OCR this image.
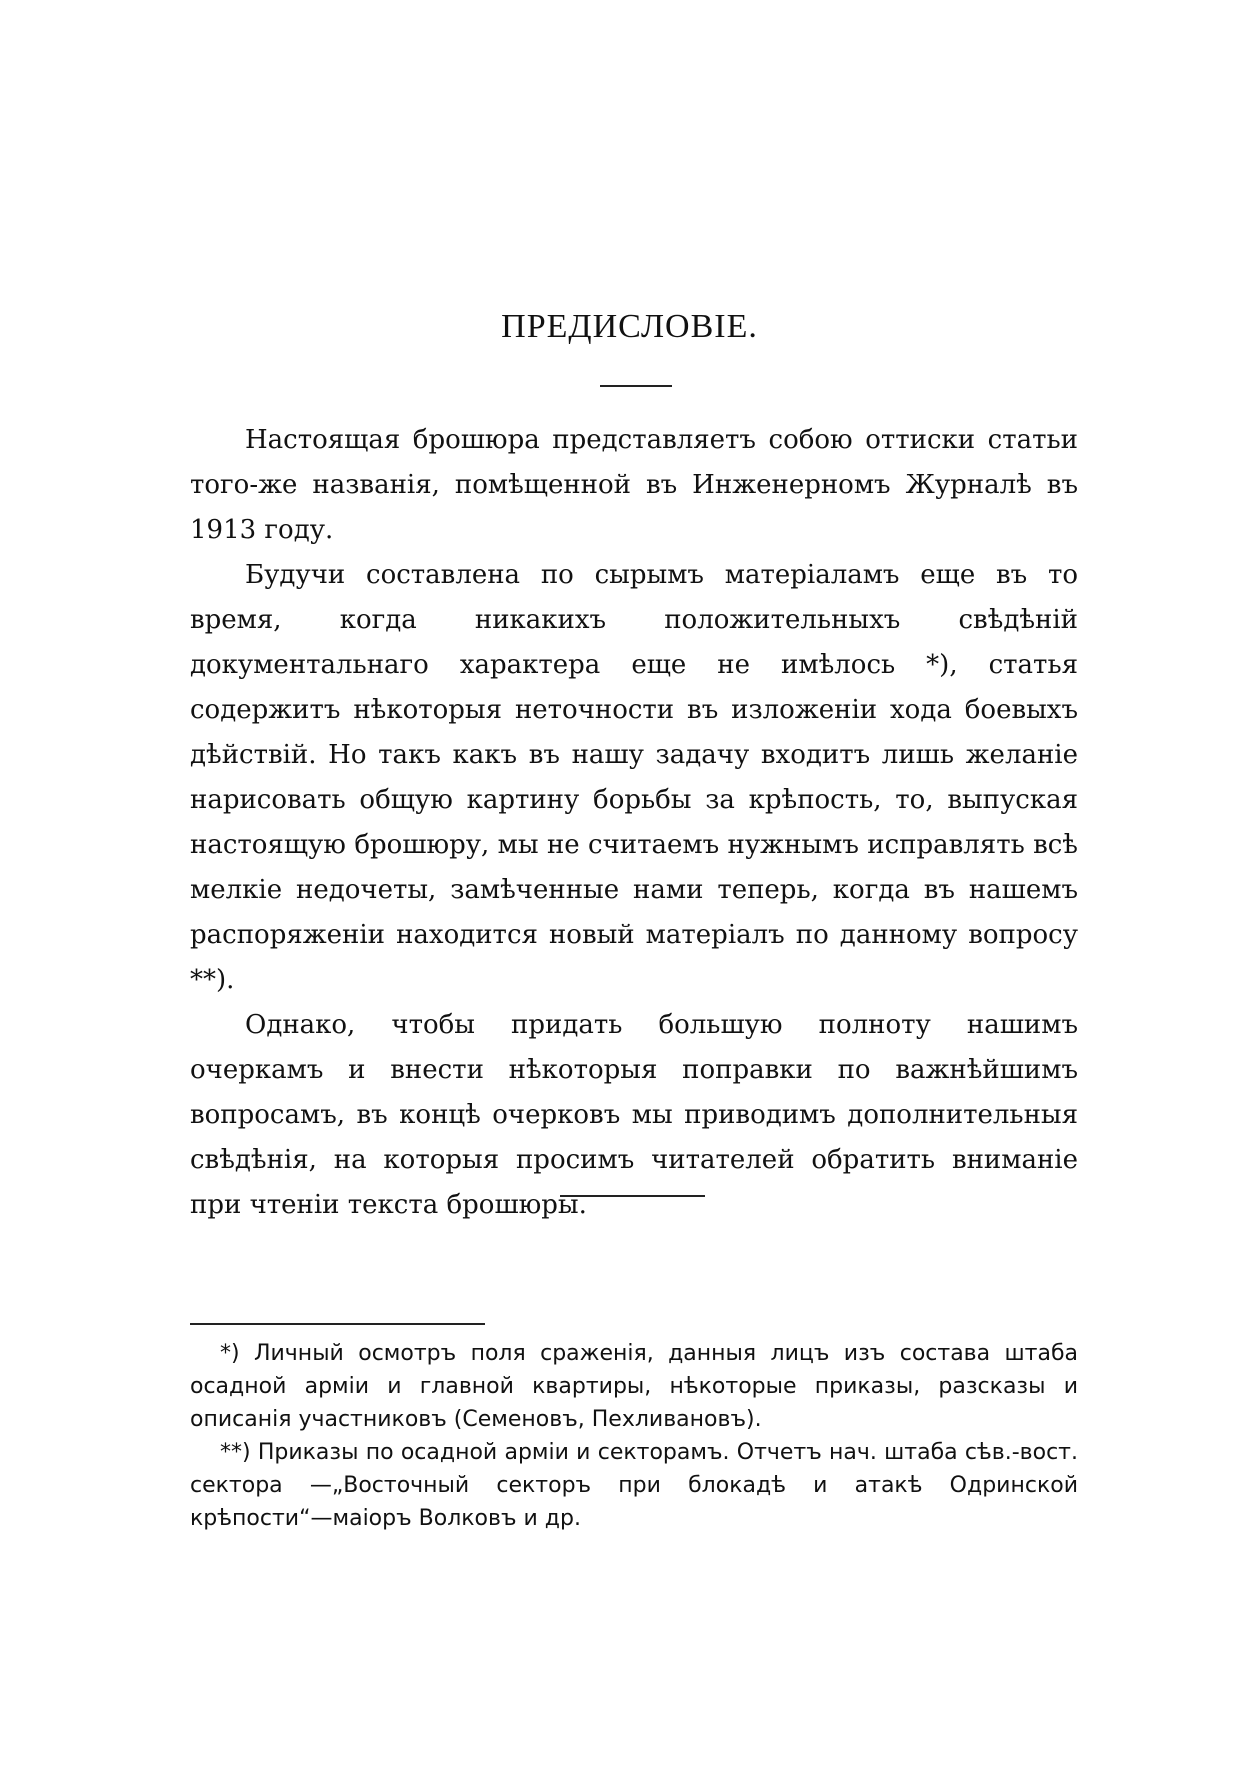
ПРЕДИСЛОВІЕ.

Настоящая брошюра представляетъ собою оттиски статьи того-же названія, помѣщенной въ Инженерномъ Журналѣ въ 1913 году.

Будучи составлена по сырымъ матеріаламъ еще въ то время, когда никакихъ положительныхъ свѣдѣній документальнаго характера еще не имѣлось *), статья содержитъ нѣкоторыя неточности въ изложеніи хода боевыхъ дѣйствій. Но такъ какъ въ нашу задачу входитъ лишь желаніе нарисовать общую картину борьбы за крѣпость, то, выпуская настоящую брошюру, мы не считаемъ нужнымъ исправлять всѣ мелкіе недочеты, замѣченные нами теперь, когда въ нашемъ распоряженіи находится новый матеріалъ по данному вопросу **).

Однако, чтобы придать большую полноту нашимъ очеркамъ и внести нѣкоторыя поправки по важнѣйшимъ вопросамъ, въ концѣ очерковъ мы приводимъ дополнительныя свѣдѣнія, на которыя просимъ читателей обратить вниманіе при чтеніи текста брошюры.

*) Личный осмотръ поля сраженія, данныя лицъ изъ состава штаба осадной арміи и главной квартиры, нѣкоторые приказы, разсказы и описанія участниковъ (Семеновъ, Пехливановъ).

**) Приказы по осадной арміи и секторамъ. Отчетъ нач. штаба сѣв.-вост. сектора —„Восточный секторъ при блокадѣ и атакѣ Одринской крѣпости“—маіоръ Волковъ и др.
